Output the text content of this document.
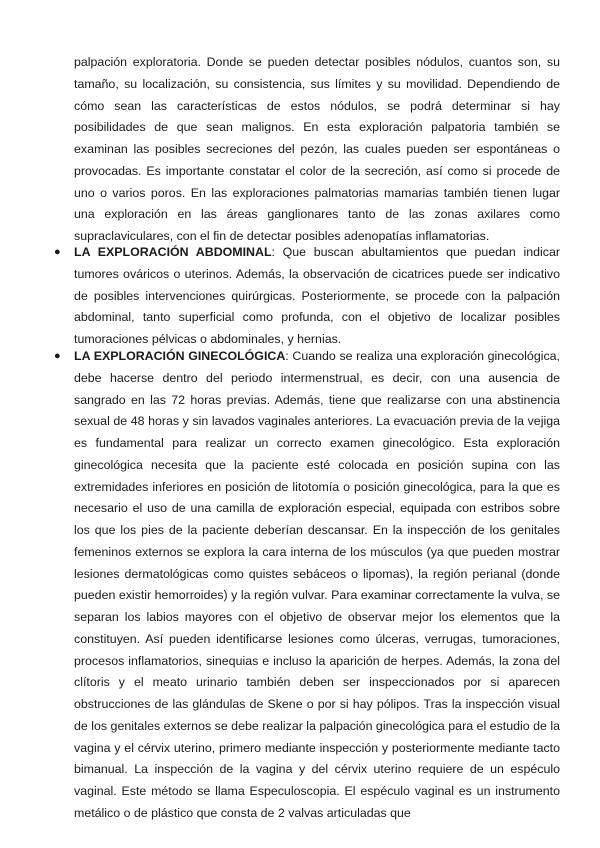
palpación exploratoria. Donde se pueden detectar posibles nódulos, cuantos son, su tamaño, su localización, su consistencia, sus límites y su movilidad. Dependiendo de cómo sean las características de estos nódulos, se podrá determinar si hay posibilidades de que sean malignos. En esta exploración palpatoria también se examinan las posibles secreciones del pezón, las cuales pueden ser espontáneas o provocadas. Es importante constatar el color de la secreción, así como si procede de uno o varios poros. En las exploraciones palmatorias mamarias también tienen lugar una exploración en las áreas ganglionares tanto de las zonas axilares como supraclaviculares, con el fin de detectar posibles adenopatías inflamatorias.

● LA EXPLORACIÓN ABDOMINAL: Que buscan abultamientos que puedan indicar tumores ováricos o uterinos. Además, la observación de cicatrices puede ser indicativo de posibles intervenciones quirúrgicas. Posteriormente, se procede con la palpación abdominal, tanto superficial como profunda, con el objetivo de localizar posibles tumoraciones pélvicas o abdominales, y hernias.
● LA EXPLORACIÓN GINECOLÓGICA: Cuando se realiza una exploración ginecológica, debe hacerse dentro del periodo intermenstrual, es decir, con una ausencia de sangrado en las 72 horas previas. Además, tiene que realizarse con una abstinencia sexual de 48 horas y sin lavados vaginales anteriores. La evacuación previa de la vejiga es fundamental para realizar un correcto examen ginecológico. Esta exploración ginecológica necesita que la paciente esté colocada en posición supina con las extremidades inferiores en posición de litotomía o posición ginecológica, para la que es necesario el uso de una camilla de exploración especial, equipada con estribos sobre los que los pies de la paciente deberían descansar. En la inspección de los genitales femeninos externos se explora la cara interna de los músculos (ya que pueden mostrar lesiones dermatológicas como quistes sebáceos o lipomas), la región perianal (donde pueden existir hemorroides) y la región vulvar. Para examinar correctamente la vulva, se separan los labios mayores con el objetivo de observar mejor los elementos que la constituyen. Así pueden identificarse lesiones como úlceras, verrugas, tumoraciones, procesos inflamatorios, sinequias e incluso la aparición de herpes. Además, la zona del clítoris y el meato urinario también deben ser inspeccionados por si aparecen obstrucciones de las glándulas de Skene o por si hay pólipos. Tras la inspección visual de los genitales externos se debe realizar la palpación ginecológica para el estudio de la vagina y el cérvix uterino, primero mediante inspección y posteriormente mediante tacto bimanual. La inspección de la vagina y del cérvix uterino requiere de un espéculo vaginal. Este método se llama Especuloscopia. El espéculo vaginal es un instrumento metálico o de plástico que consta de 2 valvas articuladas que
